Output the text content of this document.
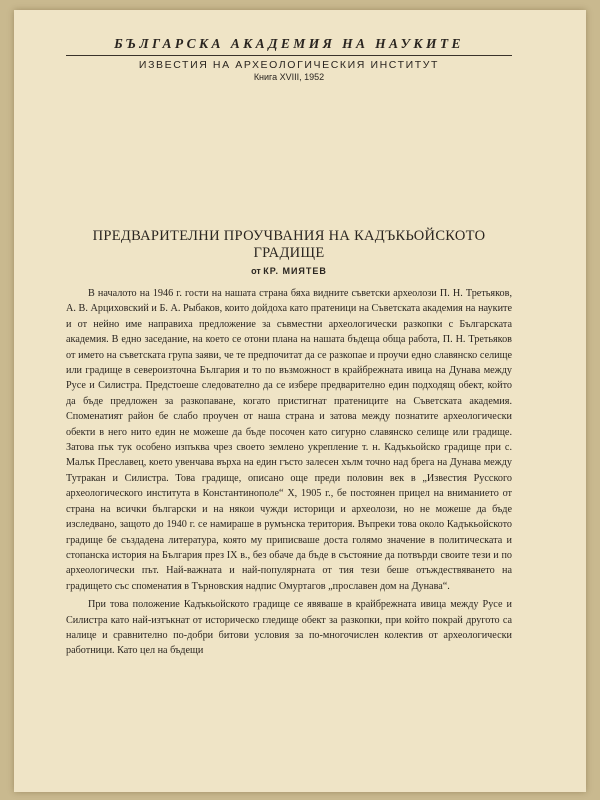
БЪЛГАРСКА АКАДЕМИЯ НА НАУКИТЕ
ИЗВЕСТИЯ НА АРХЕОЛОГИЧЕСКИЯ ИНСТИТУТ
Книга XVIII, 1952
ПРЕДВАРИТЕЛНИ ПРОУЧВАНИЯ НА КАДЪКЬОЙСКОТО
ГРАДИЩЕ
от КР. МИЯТЕВ

В началото на 1946 г. гости на нашата страна бяха видните съветски археолози П. Н. Третьяков, А. В. Арциховский и Б. А. Рыбаков, които дойдоха като пратеници на Съветската академия на науките и от нейно име направиха предложение за съвместни археологически разкопки с Българската академия. В едно заседание, на което се отони плана на нашата бъдеща обща работа, П. Н. Третьяков от името на съветската група заяви, че те предпочитат да се разкопае и проучи едно славянско селище или градище в североизточна България и то по възможност в крайбрежната ивица на Дунава между Русе и Силистра. Предстоеше следователно да се избере предварително един подходящ обект, който да бъде предложен за разкопаване, когато пристигнат пратениците на Съветската академия. Споменатият район бе слабо проучен от наша страна и затова между познатите археологически обекти в него нито един не можеше да бъде посочен като сигурно славянско селище или градище. Затова пък тук особено изпъква чрез своето землено укрепление т. н. Кадъкьойско градище при с. Малък Преславец, което увенчава върха на един гъсто залесен хълм точно над брега на Дунава между Тутракан и Силистра. Това градище, описано още преди половин век в „Известия Русского археологического института в Константинополе“ X, 1905 г., бе постоянен прицел на вниманието от страна на всички български и на някои чужди историци и археолози, но не можеше да бъде изследвано, защото до 1940 г. се намираше в румънска територия. Въпреки това около Кадъкьойското градище бе създадена литература, която му приписваше доста голямо значение в политическата и стопанска история на България през IX в., без обаче да бъде в състояние да потвърди своите тези и по археологически път. Най-важната и най-популярната от тия тези беше отъждествяването на градището със споменатия в Търновския надпис Омуртагов „прославен дом на Дунава“.

При това положение Кадъкьойското градище се явяваше в крайбрежната ивица между Русе и Силистра като най-изтъкнат от историческо гледище обект за разкопки, при който покрай другото са налице и сравнително по-добри битови условия за по-многочислен колектив от археологически работници. Като цел на бъдещи
